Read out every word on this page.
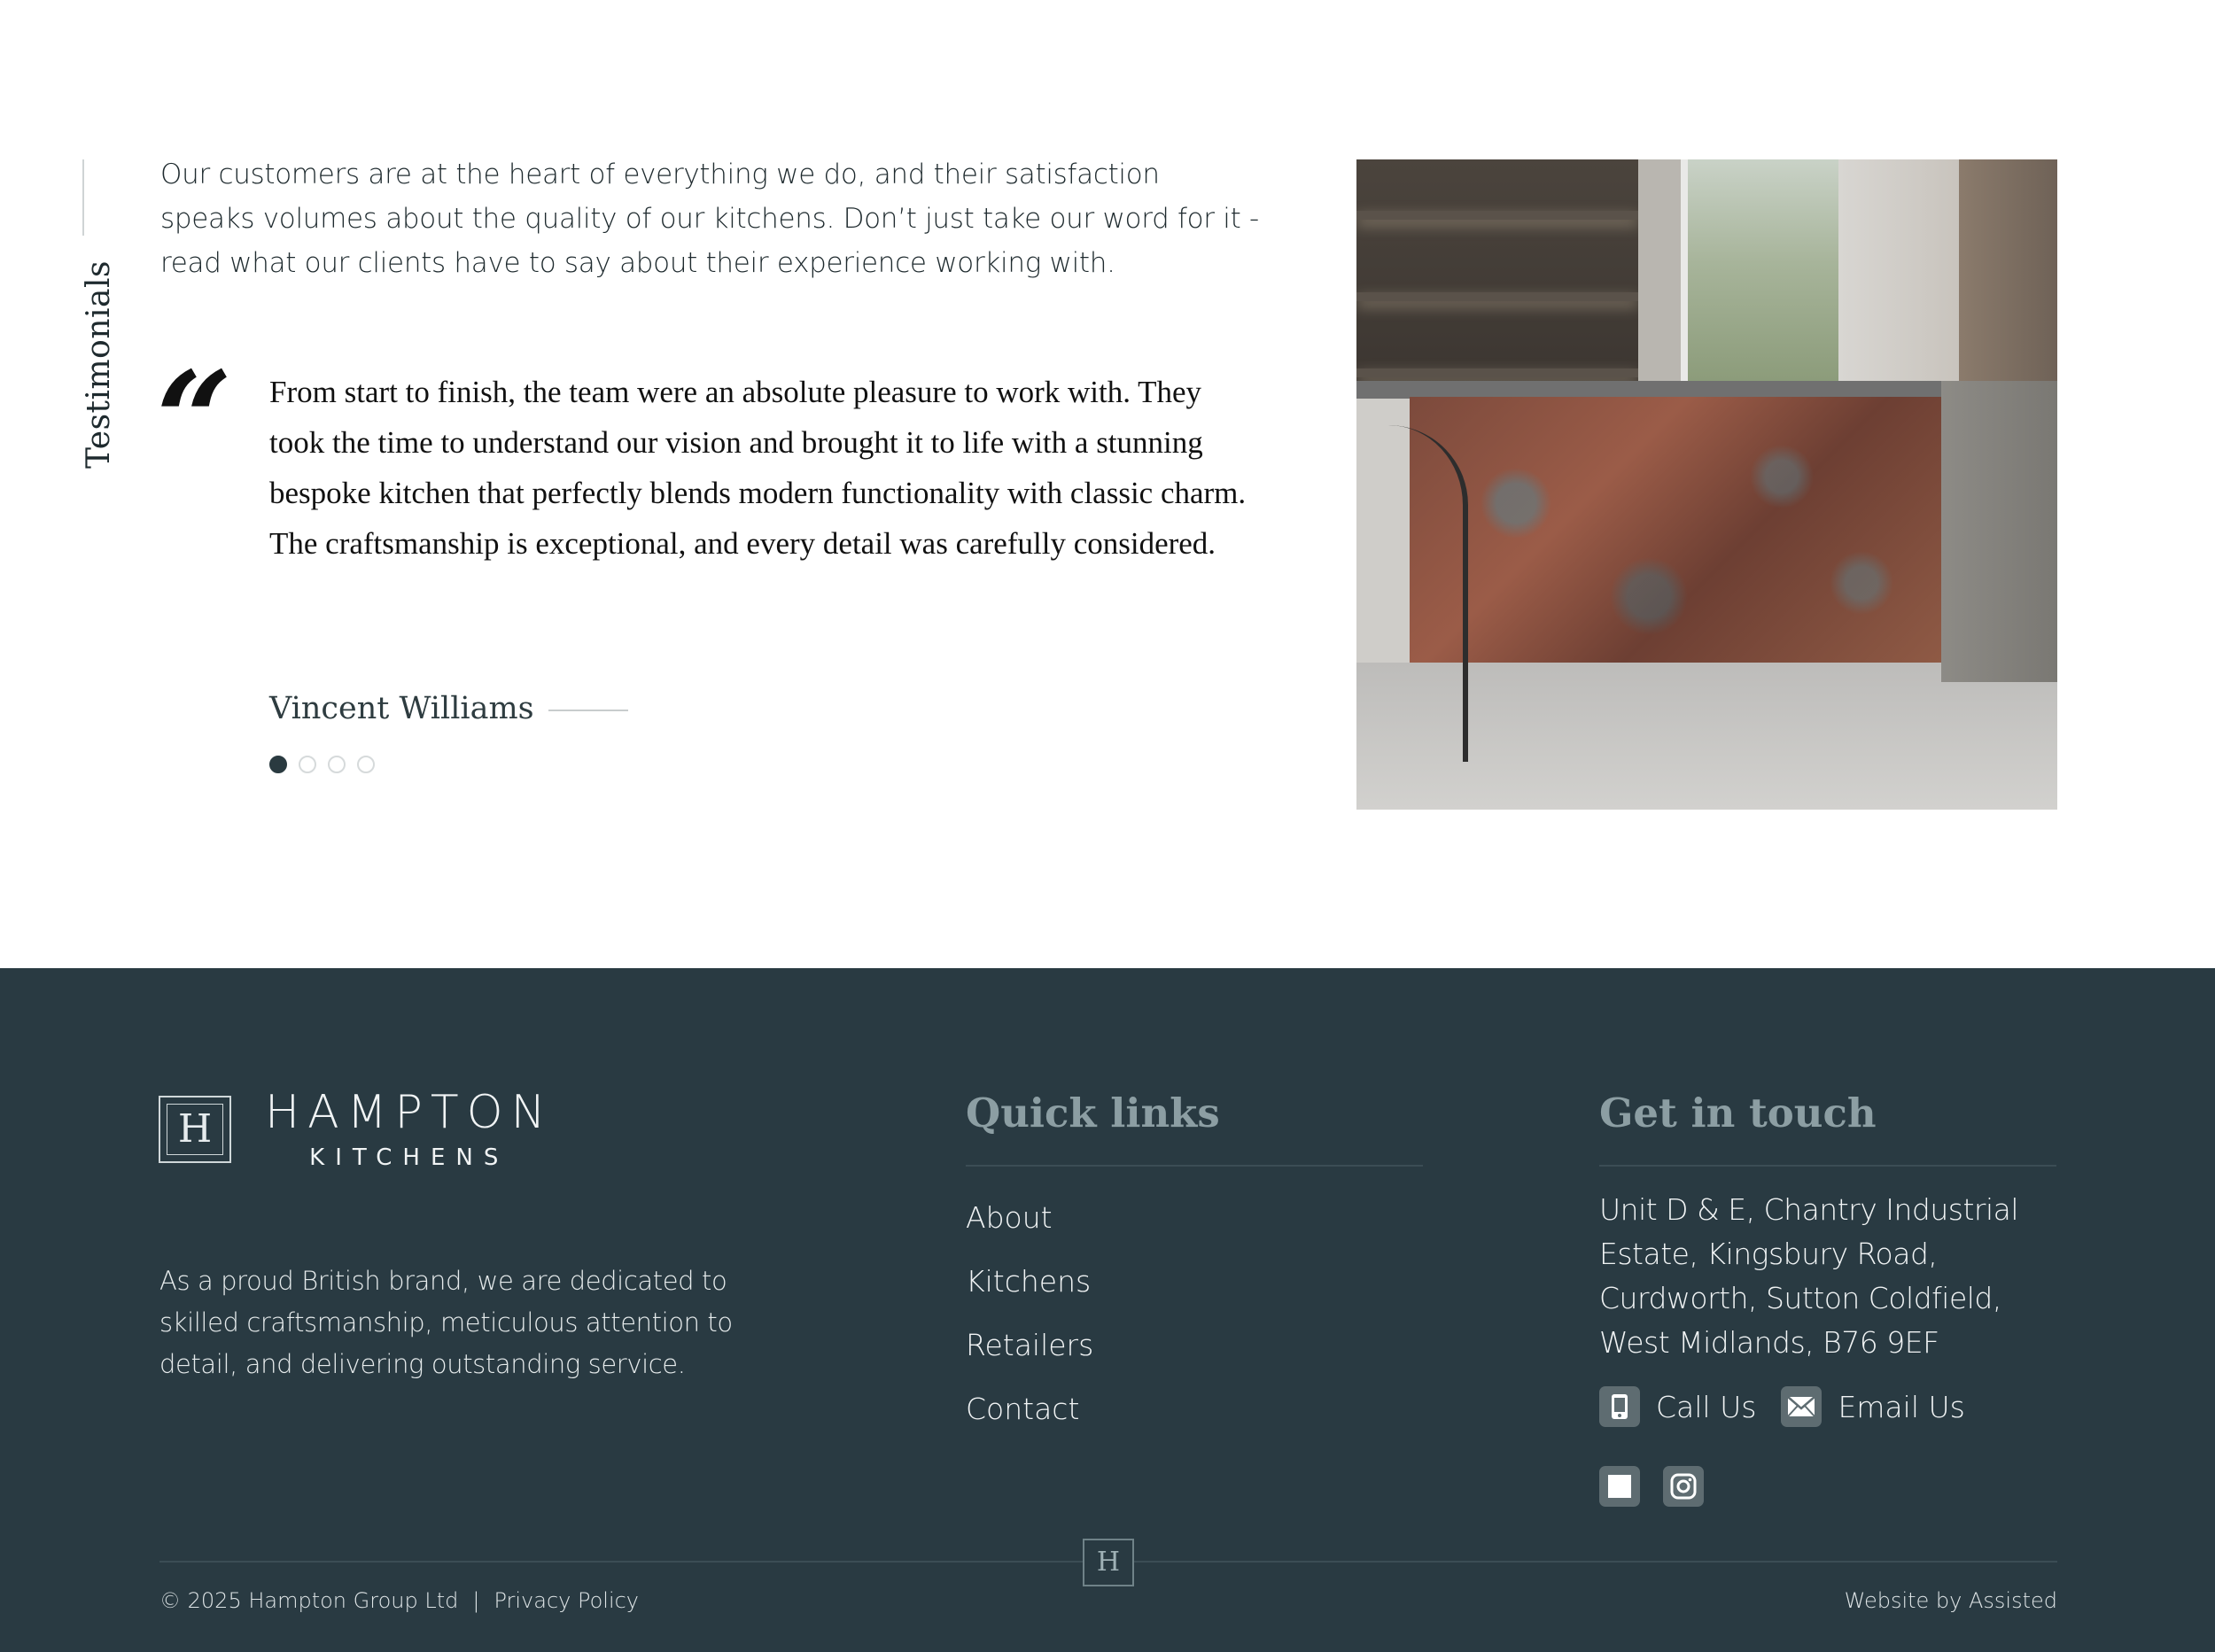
Testimonials

Our customers are at the heart of everything we do, and their satisfaction speaks volumes about the quality of our kitchens. Don’t just take our word for it - read what our clients have to say about their experience working with.

“ From start to finish, the team were an absolute pleasure to work with. They took the time to understand our vision and brought it to life with a stunning bespoke kitchen that perfectly blends modern functionality with classic charm. The craftsmanship is exceptional, and every detail was carefully considered.

Vincent Williams
H HAMPTON
KITCHENS

As a proud British brand, we are dedicated to skilled craftsmanship, meticulous attention to detail, and delivering outstanding service.

Quick links
About
Kitchens
Retailers
Contact
Get in touch

Unit D & E, Chantry Industrial Estate, Kingsbury Road, Curdworth, Sutton Coldfield, West Midlands, B76 9EF

Call Us	Email Us
H
© 2025 Hampton Group Ltd | Privacy Policy	Website by Assisted
